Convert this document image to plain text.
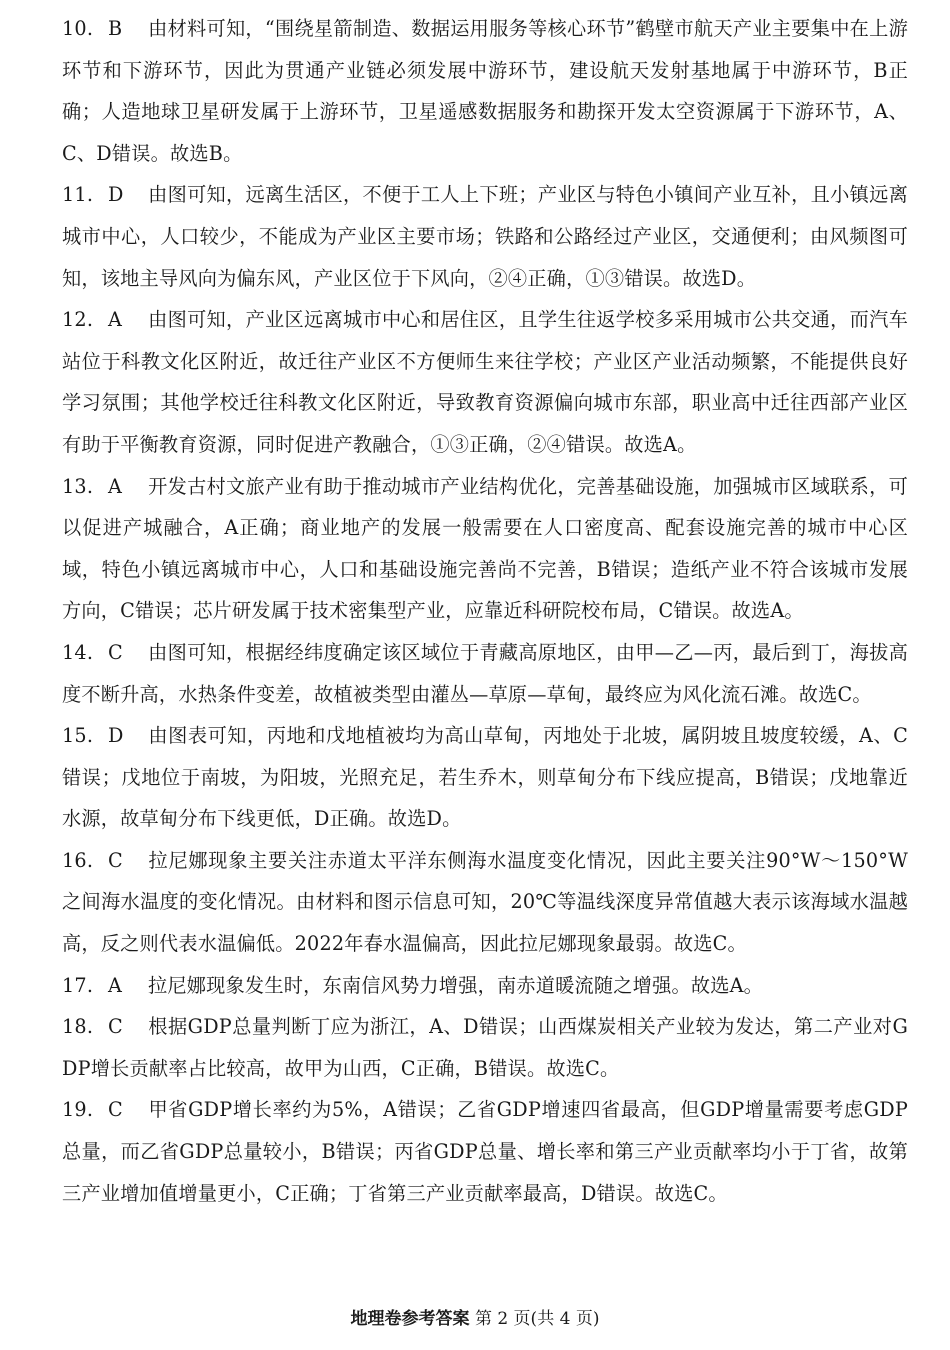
10. B 由材料可知，“围绕星箭制造、数据运用服务等核心环节”鹤壁市航天产业主要集中在上游环节和下游环节，因此为贯通产业链必须发展中游环节，建设航天发射基地属于中游环节，B正确；人造地球卫星研发属于上游环节，卫星遥感数据服务和勘探开发太空资源属于下游环节，A、C、D错误。故选B。

11. D 由图可知，远离生活区，不便于工人上下班；产业区与特色小镇间产业互补，且小镇远离城市中心，人口较少，不能成为产业区主要市场；铁路和公路经过产业区，交通便利；由风频图可知，该地主导风向为偏东风，产业区位于下风向，②④正确，①③错误。故选D。

12. A 由图可知，产业区远离城市中心和居住区，且学生往返学校多采用城市公共交通，而汽车站位于科教文化区附近，故迁往产业区不方便师生来往学校；产业区产业活动频繁，不能提供良好学习氛围；其他学校迁往科教文化区附近，导致教育资源偏向城市东部，职业高中迁往西部产业区有助于平衡教育资源，同时促进产教融合，①③正确，②④错误。故选A。

13. A 开发古村文旅产业有助于推动城市产业结构优化，完善基础设施，加强城市区域联系，可以促进产城融合，A正确；商业地产的发展一般需要在人口密度高、配套设施完善的城市中心区域，特色小镇远离城市中心，人口和基础设施完善尚不完善，B错误；造纸产业不符合该城市发展方向，C错误；芯片研发属于技术密集型产业，应靠近科研院校布局，C错误。故选A。

14. C 由图可知，根据经纬度确定该区域位于青藏高原地区，由甲—乙—丙，最后到丁，海拔高度不断升高，水热条件变差，故植被类型由灌丛—草原—草甸，最终应为风化流石滩。故选C。

15. D 由图表可知，丙地和戊地植被均为高山草甸，丙地处于北坡，属阴坡且坡度较缓，A、C错误；戊地位于南坡，为阳坡，光照充足，若生乔木，则草甸分布下线应提高，B错误；戊地靠近水源，故草甸分布下线更低，D正确。故选D。

16. C 拉尼娜现象主要关注赤道太平洋东侧海水温度变化情况，因此主要关注90°W～150°W之间海水温度的变化情况。由材料和图示信息可知，20℃等温线深度异常值越大表示该海域水温越高，反之则代表水温偏低。2022年春水温偏高，因此拉尼娜现象最弱。故选C。

17. A 拉尼娜现象发生时，东南信风势力增强，南赤道暖流随之增强。故选A。

18. C 根据GDP总量判断丁应为浙江，A、D错误；山西煤炭相关产业较为发达，第二产业对GDP增长贡献率占比较高，故甲为山西，C正确，B错误。故选C。

19. C 甲省GDP增长率约为5%，A错误；乙省GDP增速四省最高，但GDP增量需要考虑GDP总量，而乙省GDP总量较小，B错误；丙省GDP总量、增长率和第三产业贡献率均小于丁省，故第三产业增加值增量更小，C正确；丁省第三产业贡献率最高，D错误。故选C。

地理卷参考答案 第 2 页(共 4 页)
